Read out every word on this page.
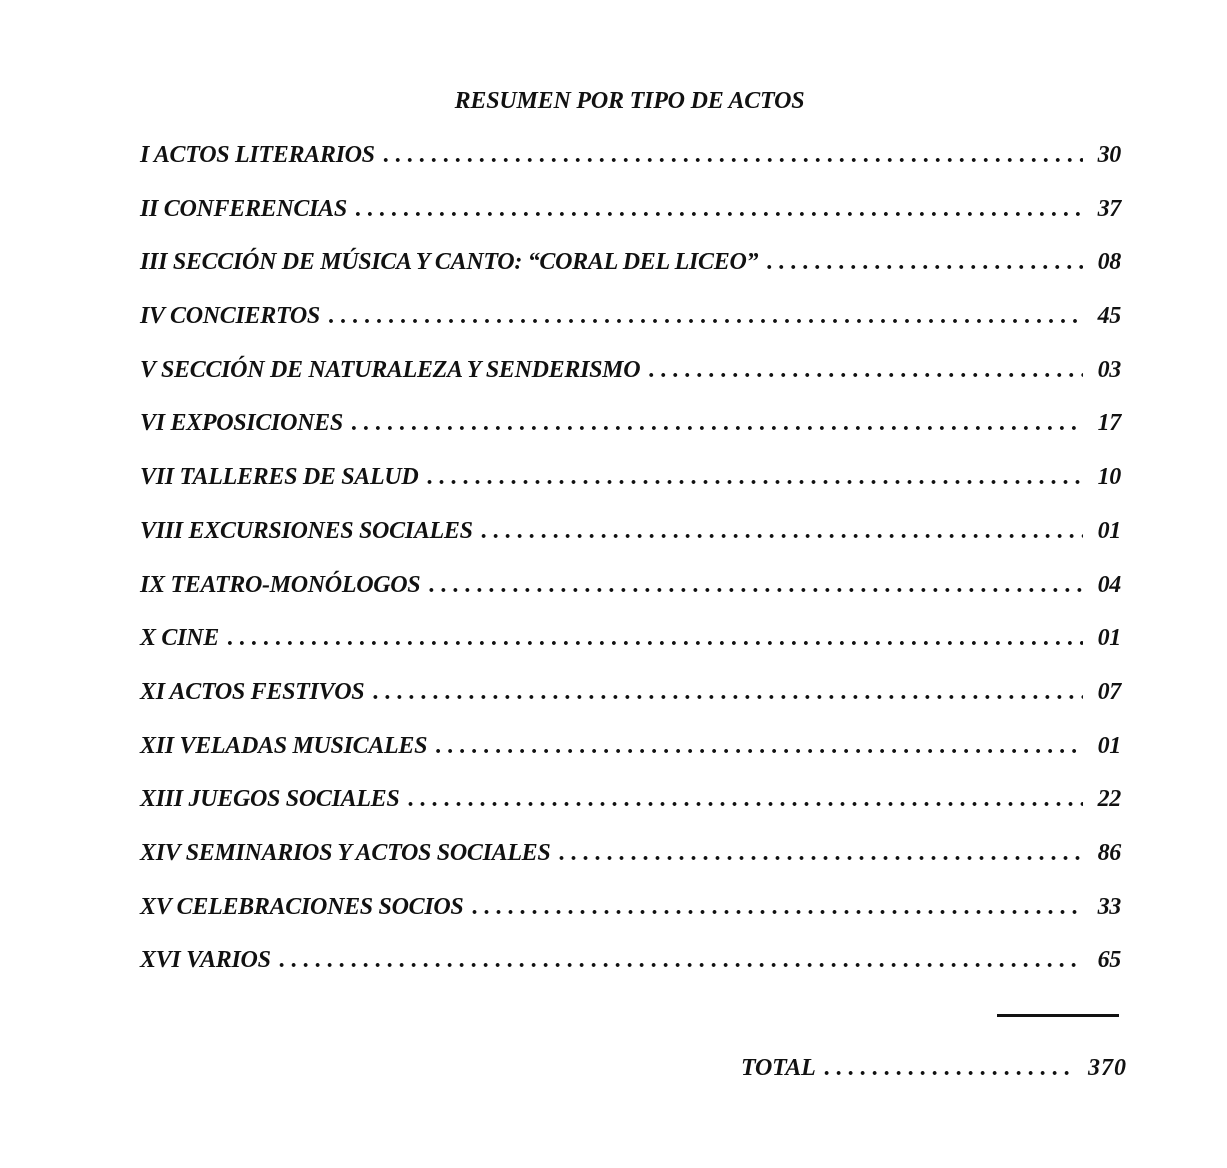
RESUMEN POR TIPO DE ACTOS
I ACTOS LITERARIOS . . .	30
II CONFERENCIAS . . .	37
III SECCIÓN DE MÚSICA Y CANTO: “CORAL DEL LICEO” . . .	08
IV CONCIERTOS . . .	45
V SECCIÓN DE NATURALEZA Y SENDERISMO . . .	03
VI EXPOSICIONES . . .	17
VII TALLERES DE SALUD . . .	10
VIII EXCURSIONES SOCIALES . . .	01
IX TEATRO-MONÓLOGOS . . .	04
X CINE . . .	01
XI ACTOS FESTIVOS . . .	07
XII VELADAS MUSICALES . . .	01
XIII JUEGOS SOCIALES . . .	22
XIV SEMINARIOS Y ACTOS SOCIALES . . .	86
XV CELEBRACIONES SOCIOS . . .	33
XVI VARIOS . . .	65
TOTAL . . .	370
